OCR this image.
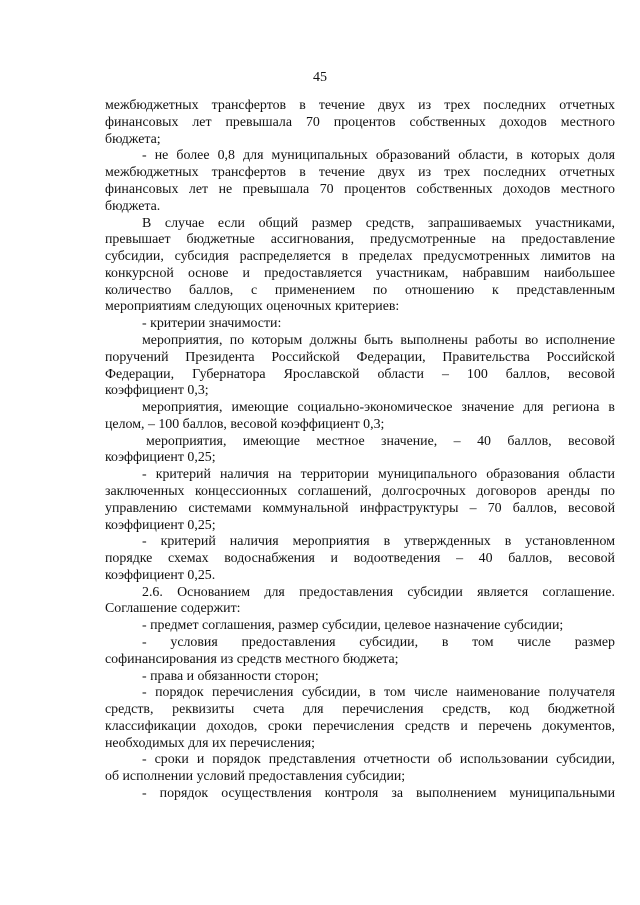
45
межбюджетных трансфертов в течение двух из трех последних отчетных
финансовых лет превышала 70 процентов собственных доходов местного
бюджета;
- не более 0,8 для муниципальных образований области, в которых доля
межбюджетных трансфертов в течение двух из трех последних отчетных
финансовых лет не превышала 70 процентов собственных доходов местного
бюджета.
В случае если общий размер средств, запрашиваемых участниками,
превышает бюджетные ассигнования, предусмотренные на предоставление
субсидии, субсидия распределяется в пределах предусмотренных лимитов на
конкурсной основе и предоставляется участникам, набравшим наибольшее
количество баллов, с применением по отношению к представленным
мероприятиям следующих оценочных критериев:
- критерии значимости:
мероприятия, по которым должны быть выполнены работы во исполнение
поручений Президента Российской Федерации, Правительства Российской
Федерации, Губернатора Ярославской области – 100 баллов, весовой
коэффициент 0,3;
мероприятия, имеющие социально-экономическое значение для региона в
целом, – 100 баллов, весовой коэффициент 0,3;
мероприятия, имеющие местное значение, – 40 баллов, весовой
коэффициент 0,25;
- критерий наличия на территории муниципального образования области
заключенных концессионных соглашений, долгосрочных договоров аренды по
управлению системами коммунальной инфраструктуры – 70 баллов, весовой
коэффициент 0,25;
- критерий наличия мероприятия в утвержденных в установленном
порядке схемах водоснабжения и водоотведения – 40 баллов, весовой
коэффициент 0,25.
2.6. Основанием для предоставления субсидии является соглашение.
Соглашение содержит:
- предмет соглашения, размер субсидии, целевое назначение субсидии;
- условия предоставления субсидии, в том числе размер
софинансирования из средств местного бюджета;
- права и обязанности сторон;
- порядок перечисления субсидии, в том числе наименование получателя
средств, реквизиты счета для перечисления средств, код бюджетной
классификации доходов, сроки перечисления средств и перечень документов,
необходимых для их перечисления;
- сроки и порядок представления отчетности об использовании субсидии,
об исполнении условий предоставления субсидии;
- порядок осуществления контроля за выполнением муниципальными
